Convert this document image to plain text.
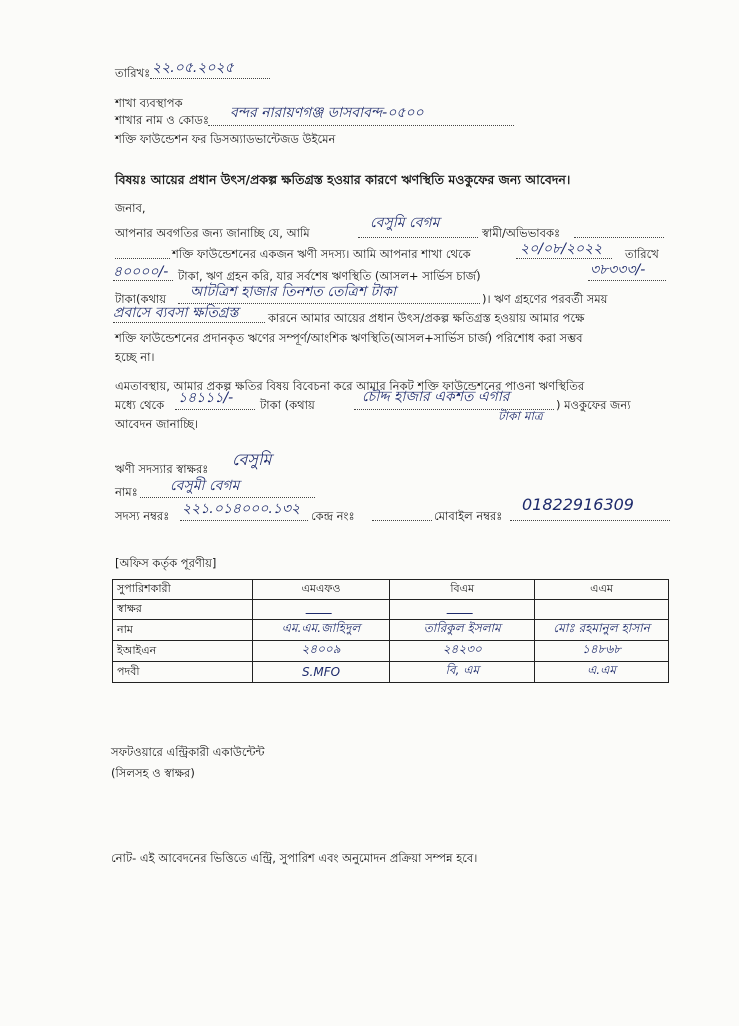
তারিখঃ ২২.০৫.২০২৫
শাখা ব্যবস্থাপক
শাখার নাম ও কোডঃ বন্দর নারায়ণগঞ্জ ডাসবাবন্দ-০৫০০
শক্তি ফাউন্ডেশন ফর ডিসঅ্যাডভান্টেজড উইমেন
বিষয়ঃ আয়ের প্রধান উৎস/প্রকল্প ক্ষতিগ্রস্ত হওয়ার কারণে ঋণস্থিতি মওকুফের জন্য আবেদন।
জনাব,
আপনার অবগতির জন্য জানাচ্ছি যে, আমি
বেসুমি বেগম
স্বামী/অভিভাবকঃ
শক্তি ফাউন্ডেশনের একজন ঋণী সদস্য। আমি আপনার শাখা থেকে	২০/০৮/২০২২ তারিখে
৪০০০০/- টাকা, ঋণ গ্রহন করি, যার সর্বশেষ ঋণস্থিতি (আসল+ সার্ভিস চার্জ)	৩৮৩৩৩/-
টাকা(কথায় আটত্রিশ হাজার তিনশত তেত্রিশ টাকা	)। ঋণ গ্রহণের পরবর্তী সময়
প্রবাসে ব্যবসা ক্ষতিগ্রস্ত	কারনে আমার আয়ের প্রধান উৎস/প্রকল্প ক্ষতিগ্রস্ত হওয়ায় আমার পক্ষে
শক্তি ফাউন্ডেশনের প্রদানকৃত ঋণের সম্পূর্ণ/আংশিক ঋণস্থিতি(আসল+সার্ভিস চার্জ) পরিশোধ করা সম্ভব
হচ্ছে না।
এমতাবস্থায়, আমার প্রকল্প ক্ষতির বিষয় বিবেচনা করে আমার নিকট শক্তি ফাউন্ডেশনের পাওনা ঋণস্থিতির
মধ্যে থেকে ১৪১১১/- টাকা (কথায়	চৌদ্দ হাজার একশত এগার	) মওকুফের জন্য
টাকা মাত্র
আবেদন জানাচ্ছি।
ঋণী সদস্যার স্বাক্ষরঃ বেসুমি
নামঃ বেসুমী বেগম
সদস্য নম্বরঃ ২২১.০১৪০০০.১৩২ কেন্দ্র নংঃ	মোবাইল নম্বরঃ
01822916309
[অফিস কর্তৃক পূরণীয়]
সুপারিশকারী	এমএফও	বিএম	এএম
স্বাক্ষর			
নাম	এম.এম.জাহিদুল	তারিকুল ইসলাম	মোঃ রহমানুল হাসান
ইআইএন	২৪০০৯	২৪২৩০	১৪৮৬৮
পদবী	S.MFO	বি, এম	এ.এম
সফটওয়ারে এন্ট্রিকারী একাউন্টেন্ট
(সিলসহ ও স্বাক্ষর)
নোট- এই আবেদনের ভিত্তিতে এন্ট্রি, সুপারিশ এবং অনুমোদন প্রক্রিয়া সম্পন্ন হবে।
